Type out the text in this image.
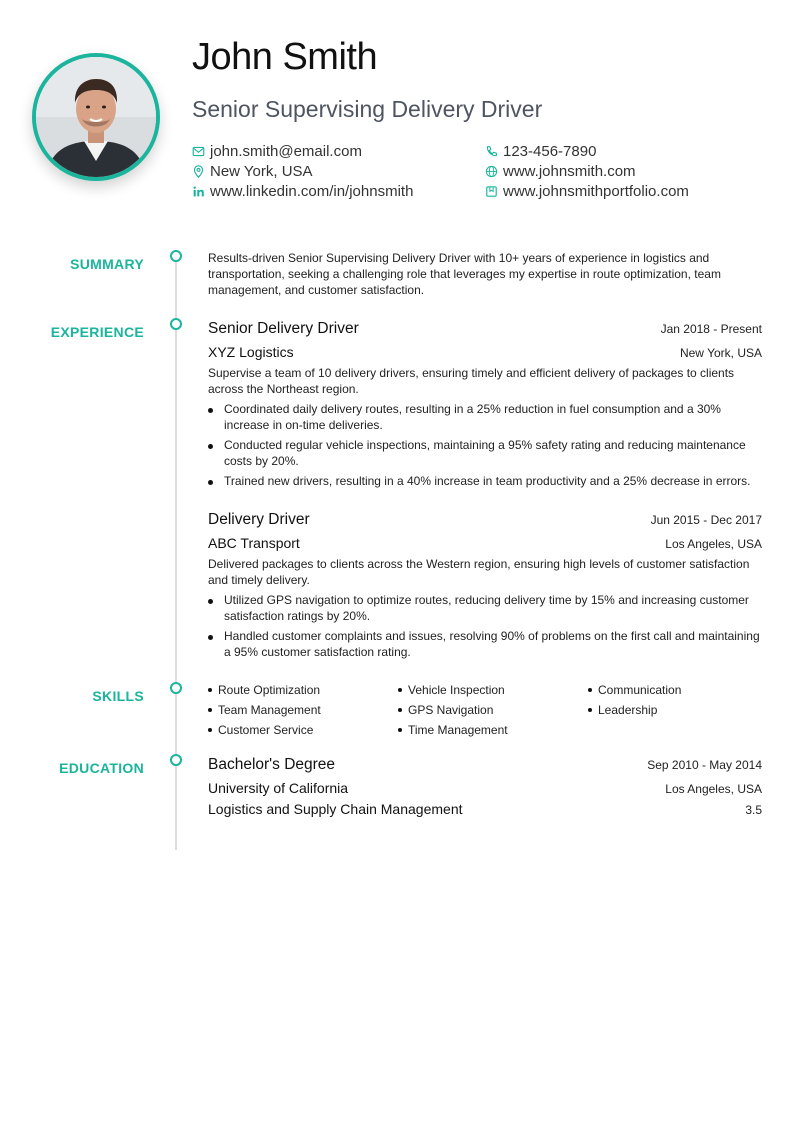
John Smith
Senior Supervising Delivery Driver
john.smith@email.com	123-456-7890
New York, USA	www.johnsmith.com
www.linkedin.com/in/johnsmith	www.johnsmithportfolio.com
SUMMARY
EXPERIENCE
SKILLS
EDUCATION

Results-driven Senior Supervising Delivery Driver with 10+ years of experience in logistics and transportation, seeking a challenging role that leverages my expertise in route optimization, team management, and customer satisfaction.

Senior Delivery Driver	Jan 2018 - Present
XYZ Logistics	New York, USA

Supervise a team of 10 delivery drivers, ensuring timely and efficient delivery of packages to clients across the Northeast region.

Coordinated daily delivery routes, resulting in a 25% reduction in fuel consumption and a 30% increase in on-time deliveries.
Conducted regular vehicle inspections, maintaining a 95% safety rating and reducing maintenance costs by 20%.
Trained new drivers, resulting in a 40% increase in team productivity and a 25% decrease in errors.
Delivery Driver	Jun 2015 - Dec 2017
ABC Transport	Los Angeles, USA

Delivered packages to clients across the Western region, ensuring high levels of customer satisfaction and timely delivery.

Utilized GPS navigation to optimize routes, reducing delivery time by 15% and increasing customer satisfaction ratings by 20%.
Handled customer complaints and issues, resolving 90% of problems on the first call and maintaining a 95% customer satisfaction rating.
Route Optimization	Vehicle Inspection	Communication
Team Management	GPS Navigation	Leadership
Customer Service	Time Management
Bachelor's Degree	Sep 2010 - May 2014
University of California	Los Angeles, USA
Logistics and Supply Chain Management	3.5
